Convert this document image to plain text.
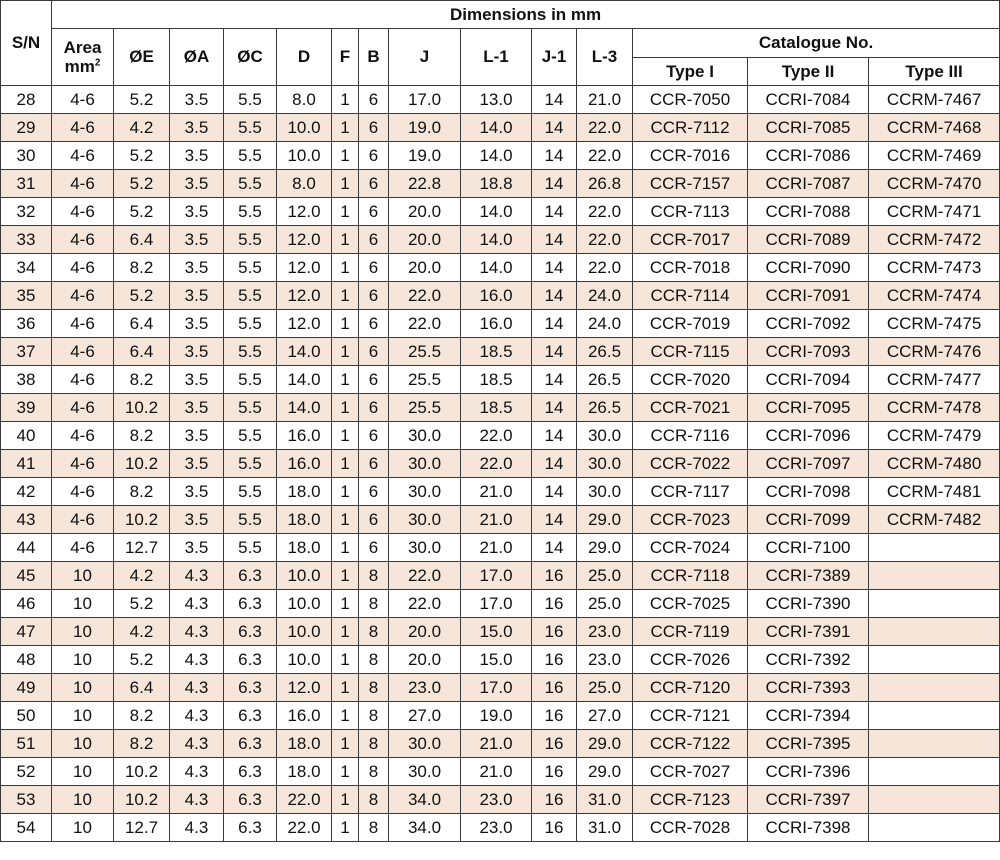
S/N	Dimensions in mm													

	Area
$mm^2$	ØE	ØA	ØC	D	F	B	J	L-1	J-1	L-3	Catalogue No.		
												Type I	Type II	Type III
28	4-6	5.2	3.5	5.5	8.0	1	6	17.0	13.0	14	21.0	CCR-7050	CCRI-7084	CCRM-7467
29	4-6	4.2	3.5	5.5	10.0	1	6	19.0	14.0	14	22.0	CCR-7112	CCRI-7085	CCRM-7468
30	4-6	5.2	3.5	5.5	10.0	1	6	19.0	14.0	14	22.0	CCR-7016	CCRI-7086	CCRM-7469
31	4-6	5.2	3.5	5.5	8.0	1	6	22.8	18.8	14	26.8	CCR-7157	CCRI-7087	CCRM-7470
32	4-6	5.2	3.5	5.5	12.0	1	6	20.0	14.0	14	22.0	CCR-7113	CCRI-7088	CCRM-7471
33	4-6	6.4	3.5	5.5	12.0	1	6	20.0	14.0	14	22.0	CCR-7017	CCRI-7089	CCRM-7472
34	4-6	8.2	3.5	5.5	12.0	1	6	20.0	14.0	14	22.0	CCR-7018	CCRI-7090	CCRM-7473
35	4-6	5.2	3.5	5.5	12.0	1	6	22.0	16.0	14	24.0	CCR-7114	CCRI-7091	CCRM-7474
36	4-6	6.4	3.5	5.5	12.0	1	6	22.0	16.0	14	24.0	CCR-7019	CCRI-7092	CCRM-7475
37	4-6	6.4	3.5	5.5	14.0	1	6	25.5	18.5	14	26.5	CCR-7115	CCRI-7093	CCRM-7476
38	4-6	8.2	3.5	5.5	14.0	1	6	25.5	18.5	14	26.5	CCR-7020	CCRI-7094	CCRM-7477
39	4-6	10.2	3.5	5.5	14.0	1	6	25.5	18.5	14	26.5	CCR-7021	CCRI-7095	CCRM-7478
40	4-6	8.2	3.5	5.5	16.0	1	6	30.0	22.0	14	30.0	CCR-7116	CCRI-7096	CCRM-7479
41	4-6	10.2	3.5	5.5	16.0	1	6	30.0	22.0	14	30.0	CCR-7022	CCRI-7097	CCRM-7480
42	4-6	8.2	3.5	5.5	18.0	1	6	30.0	21.0	14	30.0	CCR-7117	CCRI-7098	CCRM-7481
43	4-6	10.2	3.5	5.5	18.0	1	6	30.0	21.0	14	29.0	CCR-7023	CCRI-7099	CCRM-7482
44	4-6	12.7	3.5	5.5	18.0	1	6	30.0	21.0	14	29.0	CCR-7024	CCRI-7100	
45	10	4.2	4.3	6.3	10.0	1	8	22.0	17.0	16	25.0	CCR-7118	CCRI-7389	
46	10	5.2	4.3	6.3	10.0	1	8	22.0	17.0	16	25.0	CCR-7025	CCRI-7390	
47	10	4.2	4.3	6.3	10.0	1	8	20.0	15.0	16	23.0	CCR-7119	CCRI-7391	
48	10	5.2	4.3	6.3	10.0	1	8	20.0	15.0	16	23.0	CCR-7026	CCRI-7392	
49	10	6.4	4.3	6.3	12.0	1	8	23.0	17.0	16	25.0	CCR-7120	CCRI-7393	
50	10	8.2	4.3	6.3	16.0	1	8	27.0	19.0	16	27.0	CCR-7121	CCRI-7394	
51	10	8.2	4.3	6.3	18.0	1	8	30.0	21.0	16	29.0	CCR-7122	CCRI-7395	
52	10	10.2	4.3	6.3	18.0	1	8	30.0	21.0	16	29.0	CCR-7027	CCRI-7396	
53	10	10.2	4.3	6.3	22.0	1	8	34.0	23.0	16	31.0	CCR-7123	CCRI-7397	
54	10	12.7	4.3	6.3	22.0	1	8	34.0	23.0	16	31.0	CCR-7028	CCRI-7398	
